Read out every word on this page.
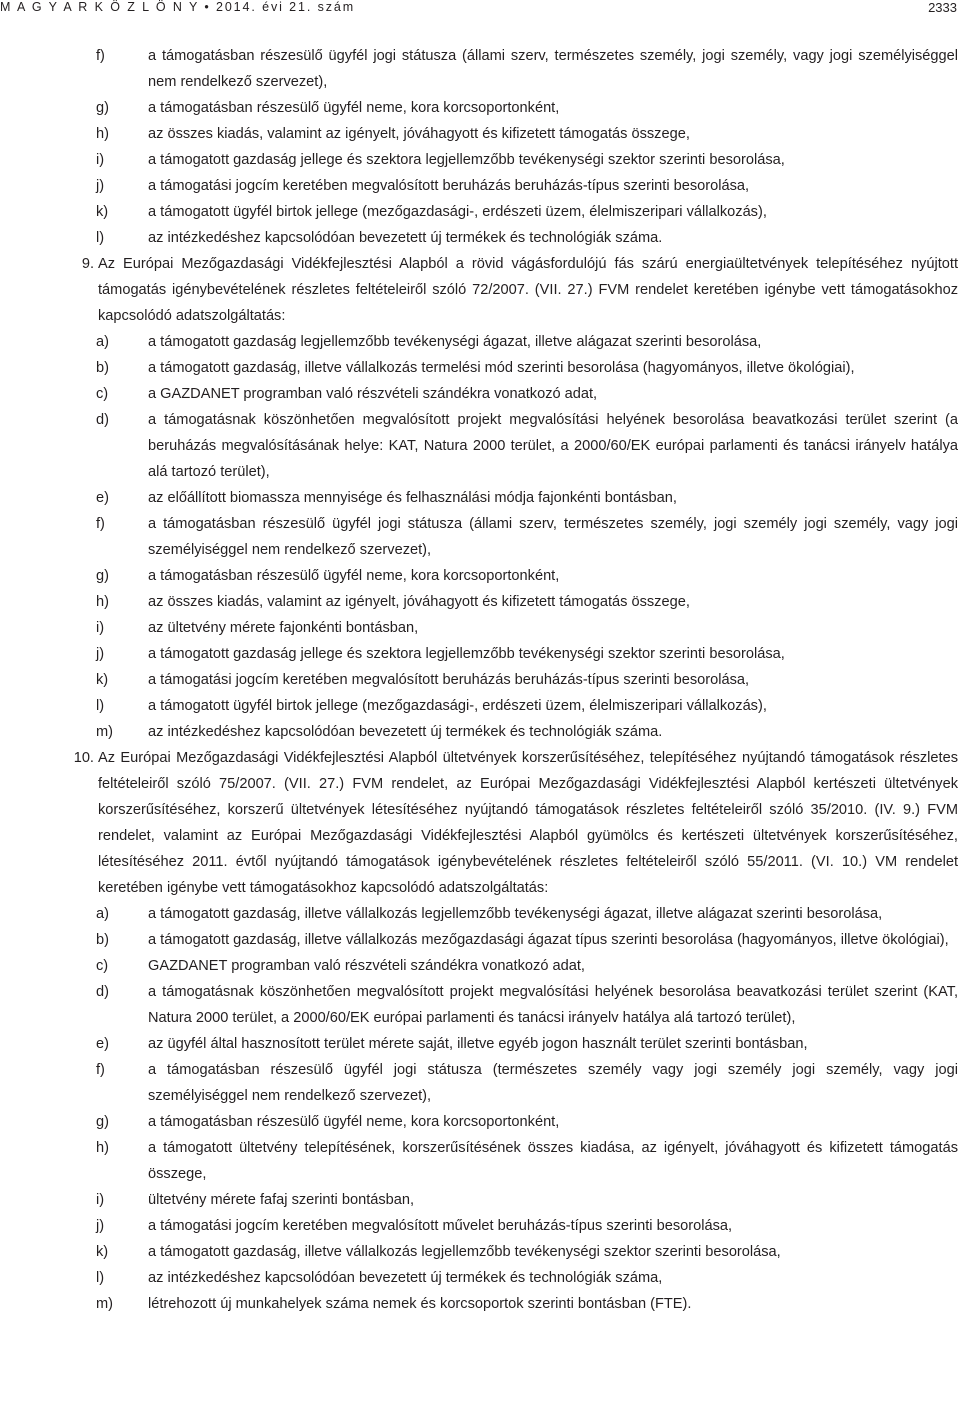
M A G Y A R K Ö Z L Ö N Y • 2014. évi 21. szám	2333
f)	a támogatásban részesülő ügyfél jogi státusza (állami szerv, természetes személy, jogi személy, vagy jogi személyiséggel nem rendelkező szervezet),
g)	a támogatásban részesülő ügyfél neme, kora korcsoportonként,
h)	az összes kiadás, valamint az igényelt, jóváhagyott és kifizetett támogatás összege,
i)	a támogatott gazdaság jellege és szektora legjellemzőbb tevékenységi szektor szerinti besorolása,
j)	a támogatási jogcím keretében megvalósított beruházás beruházás-típus szerinti besorolása,
k)	a támogatott ügyfél birtok jellege (mezőgazdasági-, erdészeti üzem, élelmiszeripari vállalkozás),
l)	az intézkedéshez kapcsolódóan bevezetett új termékek és technológiák száma.
9. Az Európai Mezőgazdasági Vidékfejlesztési Alapból a rövid vágásfordulójú fás szárú energiaültetvények telepítéséhez nyújtott támogatás igénybevételének részletes feltételeiről szóló 72/2007. (VII. 27.) FVM rendelet keretében igénybe vett támogatásokhoz kapcsolódó adatszolgáltatás:
a)	a támogatott gazdaság legjellemzőbb tevékenységi ágazat, illetve alágazat szerinti besorolása,
b)	a támogatott gazdaság, illetve vállalkozás termelési mód szerinti besorolása (hagyományos, illetve ökológiai),
c)	a GAZDANET programban való részvételi szándékra vonatkozó adat,
d)	a támogatásnak köszönhetően megvalósított projekt megvalósítási helyének besorolása beavatkozási terület szerint (a beruházás megvalósításának helye: KAT, Natura 2000 terület, a 2000/60/EK európai parlamenti és tanácsi irányelv hatálya alá tartozó terület),
e)	az előállított biomassza mennyisége és felhasználási módja fajonkénti bontásban,
f)	a támogatásban részesülő ügyfél jogi státusza (állami szerv, természetes személy, jogi személy jogi személy, vagy jogi személyiséggel nem rendelkező szervezet),
g)	a támogatásban részesülő ügyfél neme, kora korcsoportonként,
h)	az összes kiadás, valamint az igényelt, jóváhagyott és kifizetett támogatás összege,
i)	az ültetvény mérete fajonkénti bontásban,
j)	a támogatott gazdaság jellege és szektora legjellemzőbb tevékenységi szektor szerinti besorolása,
k)	a támogatási jogcím keretében megvalósított beruházás beruházás-típus szerinti besorolása,
l)	a támogatott ügyfél birtok jellege (mezőgazdasági-, erdészeti üzem, élelmiszeripari vállalkozás),
m)	az intézkedéshez kapcsolódóan bevezetett új termékek és technológiák száma.
10. Az Európai Mezőgazdasági Vidékfejlesztési Alapból ültetvények korszerűsítéséhez, telepítéséhez nyújtandó támogatások részletes feltételeiről szóló 75/2007. (VII. 27.) FVM rendelet, az Európai Mezőgazdasági Vidékfejlesztési Alapból kertészeti ültetvények korszerűsítéséhez, korszerű ültetvények létesítéséhez nyújtandó támogatások részletes feltételeiről szóló 35/2010. (IV. 9.) FVM rendelet, valamint az Európai Mezőgazdasági Vidékfejlesztési Alapból gyümölcs és kertészeti ültetvények korszerűsítéséhez, létesítéséhez 2011. évtől nyújtandó támogatások igénybevételének részletes feltételeiről szóló 55/2011. (VI. 10.) VM rendelet keretében igénybe vett támogatásokhoz kapcsolódó adatszolgáltatás:
a)	a támogatott gazdaság, illetve vállalkozás legjellemzőbb tevékenységi ágazat, illetve alágazat szerinti besorolása,
b)	a támogatott gazdaság, illetve vállalkozás mezőgazdasági ágazat típus szerinti besorolása (hagyományos, illetve ökológiai),
c)	GAZDANET programban való részvételi szándékra vonatkozó adat,
d)	a támogatásnak köszönhetően megvalósított projekt megvalósítási helyének besorolása beavatkozási terület szerint (KAT, Natura 2000 terület, a 2000/60/EK európai parlamenti és tanácsi irányelv hatálya alá tartozó terület),
e)	az ügyfél által hasznosított terület mérete saját, illetve egyéb jogon használt terület szerinti bontásban,
f)	a támogatásban részesülő ügyfél jogi státusza (természetes személy vagy jogi személy jogi személy, vagy jogi személyiséggel nem rendelkező szervezet),
g)	a támogatásban részesülő ügyfél neme, kora korcsoportonként,
h)	a támogatott ültetvény telepítésének, korszerűsítésének összes kiadása, az igényelt, jóváhagyott és kifizetett támogatás összege,
i)	ültetvény mérete fafaj szerinti bontásban,
j)	a támogatási jogcím keretében megvalósított művelet beruházás-típus szerinti besorolása,
k)	a támogatott gazdaság, illetve vállalkozás legjellemzőbb tevékenységi szektor szerinti besorolása,
l)	az intézkedéshez kapcsolódóan bevezetett új termékek és technológiák száma,
m)	létrehozott új munkahelyek száma nemek és korcsoportok szerinti bontásban (FTE).
